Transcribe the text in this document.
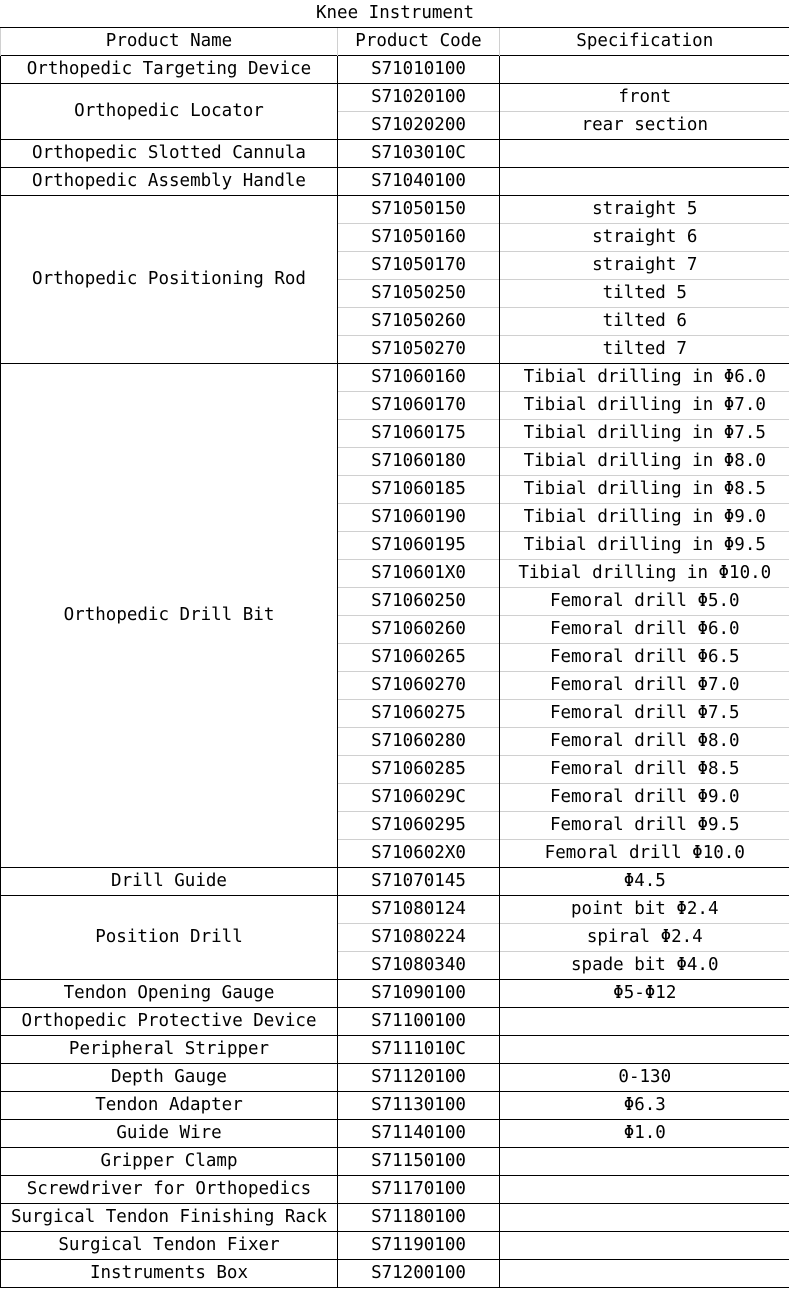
Knee Instrument		
Product Name	Product Code	Specification
Orthopedic Targeting Device	S71010100	
Orthopedic Locator	S71020100	front
	S71020200	rear section
Orthopedic Slotted Cannula	S7103010C	
Orthopedic Assembly Handle	S71040100	
Orthopedic Positioning Rod	S71050150	straight 5
	S71050160	straight 6
	S71050170	straight 7
	S71050250	tilted 5
	S71050260	tilted 6
	S71050270	tilted 7
Orthopedic Drill Bit	S71060160	Tibial drilling in Φ6.0
	S71060170	Tibial drilling in Φ7.0
	S71060175	Tibial drilling in Φ7.5
	S71060180	Tibial drilling in Φ8.0
	S71060185	Tibial drilling in Φ8.5
	S71060190	Tibial drilling in Φ9.0
	S71060195	Tibial drilling in Φ9.5
	S710601X0	Tibial drilling in Φ10.0
	S71060250	Femoral drill Φ5.0
	S71060260	Femoral drill Φ6.0
	S71060265	Femoral drill Φ6.5
	S71060270	Femoral drill Φ7.0
	S71060275	Femoral drill Φ7.5
	S71060280	Femoral drill Φ8.0
	S71060285	Femoral drill Φ8.5
	S7106029C	Femoral drill Φ9.0
	S71060295	Femoral drill Φ9.5
	S710602X0	Femoral drill Φ10.0
Drill Guide	S71070145	Φ4.5
Position Drill	S71080124	point bit Φ2.4
	S71080224	spiral Φ2.4
	S71080340	spade bit Φ4.0
Tendon Opening Gauge	S71090100	Φ5-Φ12
Orthopedic Protective Device	S71100100	
Peripheral Stripper	S7111010C	
Depth Gauge	S71120100	0-130
Tendon Adapter	S71130100	Φ6.3
Guide Wire	S71140100	Φ1.0
Gripper Clamp	S71150100	
Screwdriver for Orthopedics	S71170100	
Surgical Tendon Finishing Rack	S71180100	
Surgical Tendon Fixer	S71190100	
Instruments Box	S71200100	
